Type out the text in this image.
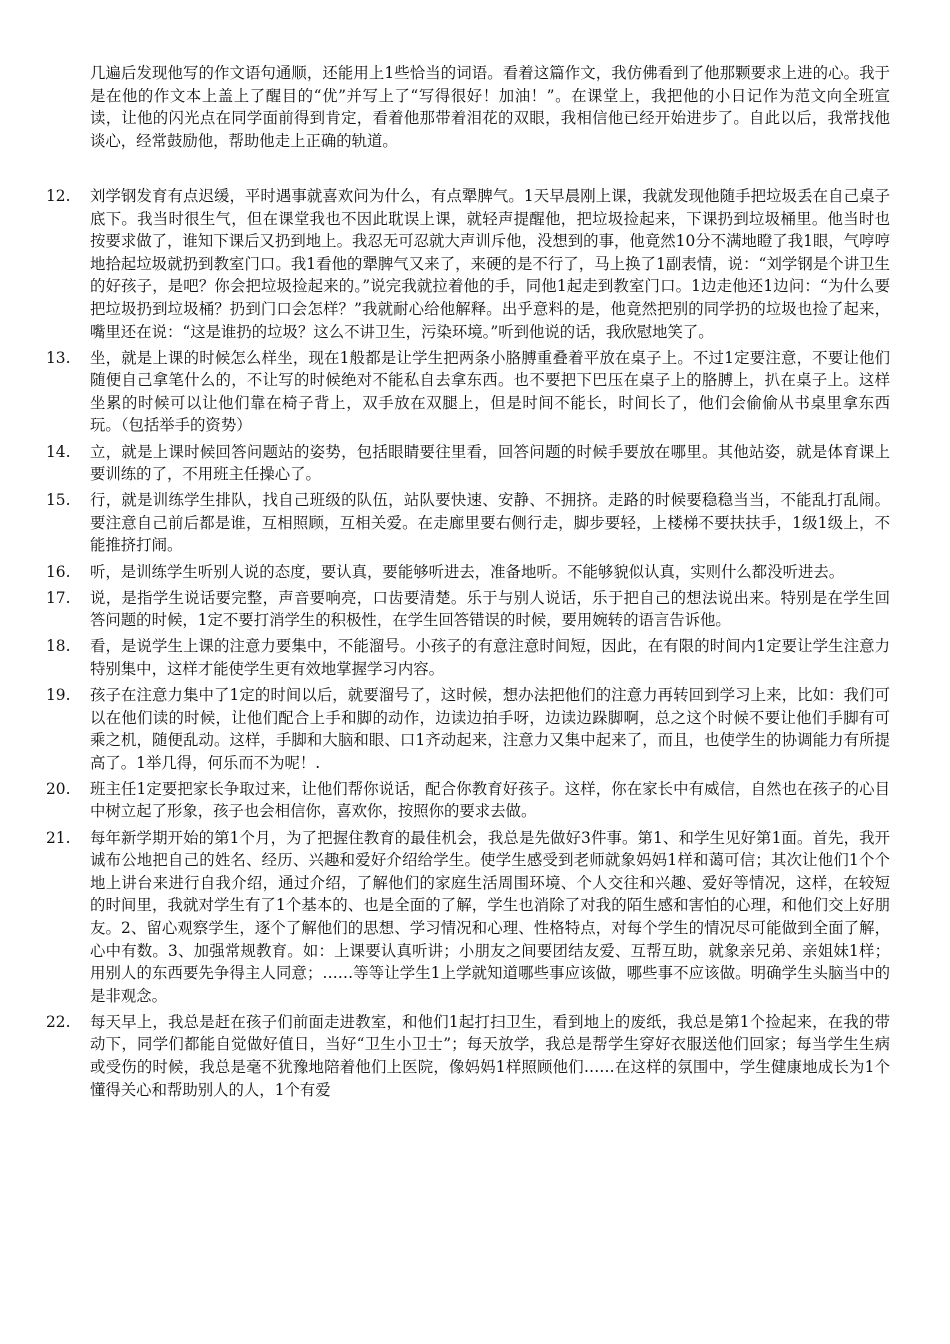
几遍后发现他写的作文语句通顺，还能用上1些恰当的词语。看着这篇作文，我仿佛看到了他那颗要求上进的心。我于是在他的作文本上盖上了醒目的“优”并写上了“写得很好！加油！”。在课堂上，我把他的小日记作为范文向全班宣读，让他的闪光点在同学面前得到肯定，看着他那带着泪花的双眼，我相信他已经开始进步了。自此以后，我常找他谈心，经常鼓励他，帮助他走上正确的轨道。
12.	刘学钢发育有点迟缓，平时遇事就喜欢问为什么，有点犟脾气。1天早晨刚上课，我就发现他随手把垃圾丢在自己桌子底下。我当时很生气，但在课堂我也不因此耽误上课，就轻声提醒他，把垃圾捡起来，下课扔到垃圾桶里。他当时也按要求做了，谁知下课后又扔到地上。我忍无可忍就大声训斥他，没想到的事，他竟然10分不满地瞪了我1眼，气哼哼地拾起垃圾就扔到教室门口。我1看他的犟脾气又来了，来硬的是不行了，马上换了1副表情，说：“刘学钢是个讲卫生的好孩子，是吧？你会把垃圾捡起来的。”说完我就拉着他的手，同他1起走到教室门口。1边走他还1边问：“为什么要把垃圾扔到垃圾桶？扔到门口会怎样？”我就耐心给他解释。出乎意料的是，他竟然把别的同学扔的垃圾也捡了起来，嘴里还在说：“这是谁扔的垃圾？这么不讲卫生，污染环境。”听到他说的话，我欣慰地笑了。
13.	坐，就是上课的时候怎么样坐，现在1般都是让学生把两条小胳膊重叠着平放在桌子上。不过1定要注意，不要让他们随便自己拿笔什么的，不让写的时候绝对不能私自去拿东西。也不要把下巴压在桌子上的胳膊上，扒在桌子上。这样坐累的时候可以让他们靠在椅子背上，双手放在双腿上，但是时间不能长，时间长了，他们会偷偷从书桌里拿东西玩。（包括举手的资势）
14.	立，就是上课时候回答问题站的姿势，包括眼睛要往里看，回答问题的时候手要放在哪里。其他站姿，就是体育课上要训练的了，不用班主任操心了。
15.	行，就是训练学生排队，找自己班级的队伍，站队要快速、安静、不拥挤。走路的时候要稳稳当当，不能乱打乱闹。要注意自己前后都是谁，互相照顾，互相关爱。在走廊里要右侧行走，脚步要轻，上楼梯不要扶扶手，1级1级上，不能推挤打闹。
16.	听，是训练学生听别人说的态度，要认真，要能够听进去，准备地听。不能够貌似认真，实则什么都没听进去。
17.	说，是指学生说话要完整，声音要响亮，口齿要清楚。乐于与别人说话，乐于把自己的想法说出来。特别是在学生回答问题的时候，1定不要打消学生的积极性，在学生回答错误的时候，要用婉转的语言告诉他。
18.	看，是说学生上课的注意力要集中，不能溜号。小孩子的有意注意时间短，因此，在有限的时间内1定要让学生注意力特别集中，这样才能使学生更有效地掌握学习内容。
19.	孩子在注意力集中了1定的时间以后，就要溜号了，这时候，想办法把他们的注意力再转回到学习上来，比如：我们可以在他们读的时候，让他们配合上手和脚的动作，边读边拍手呀，边读边跺脚啊，总之这个时候不要让他们手脚有可乘之机，随便乱动。这样，手脚和大脑和眼、口1齐动起来，注意力又集中起来了，而且，也使学生的协调能力有所提高了。1举几得，何乐而不为呢！.
20.	班主任1定要把家长争取过来，让他们帮你说话，配合你教育好孩子。这样，你在家长中有威信，自然也在孩子的心目中树立起了形象，孩子也会相信你，喜欢你，按照你的要求去做。
21.	每年新学期开始的第1个月，为了把握住教育的最佳机会，我总是先做好3件事。第1、和学生见好第1面。首先，我开诚布公地把自己的姓名、经历、兴趣和爱好介绍给学生。使学生感受到老师就象妈妈1样和蔼可信；其次让他们1个个地上讲台来进行自我介绍，通过介绍，了解他们的家庭生活周围环境、个人交往和兴趣、爱好等情况，这样，在较短的时间里，我就对学生有了1个基本的、也是全面的了解，学生也消除了对我的陌生感和害怕的心理，和他们交上好朋友。2、留心观察学生，逐个了解他们的思想、学习情况和心理、性格特点，对每个学生的情况尽可能做到全面了解，心中有数。3、加强常规教育。如：上课要认真听讲；小朋友之间要团结友爱、互帮互助，就象亲兄弟、亲姐妹1样；用别人的东西要先争得主人同意；……等等让学生1上学就知道哪些事应该做，哪些事不应该做。明确学生头脑当中的是非观念。
22.	每天早上，我总是赶在孩子们前面走进教室，和他们1起打扫卫生，看到地上的废纸，我总是第1个捡起来，在我的带动下，同学们都能自觉做好值日，当好“卫生小卫士”；每天放学，我总是帮学生穿好衣服送他们回家；每当学生生病或受伤的时候，我总是毫不犹豫地陪着他们上医院，像妈妈1样照顾他们……在这样的氛围中，学生健康地成长为1个懂得关心和帮助别人的人，1个有爱
